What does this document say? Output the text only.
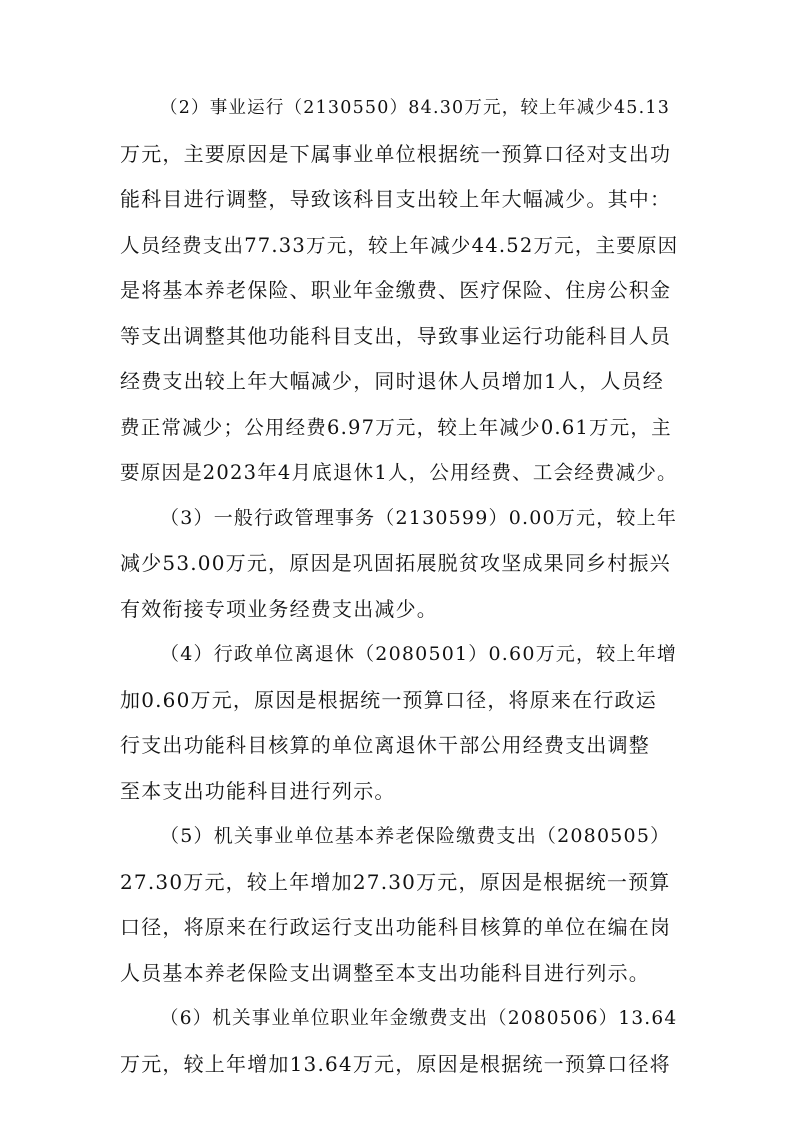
（2）事业运行（2130550）84.30万元，较上年减少45.13
万元，主要原因是下属事业单位根据统一预算口径对支出功
能科目进行调整，导致该科目支出较上年大幅减少。其中：
人员经费支出77.33万元，较上年减少44.52万元，主要原因
是将基本养老保险、职业年金缴费、医疗保险、住房公积金
等支出调整其他功能科目支出，导致事业运行功能科目人员
经费支出较上年大幅减少，同时退休人员增加1人，人员经
费正常减少；公用经费6.97万元，较上年减少0.61万元，主
要原因是2023年4月底退休1人，公用经费、工会经费减少。
（3）一般行政管理事务（2130599）0.00万元，较上年
减少53.00万元，原因是巩固拓展脱贫攻坚成果同乡村振兴
有效衔接专项业务经费支出减少。
（4）行政单位离退休（2080501）0.60万元，较上年增
加0.60万元，原因是根据统一预算口径，将原来在行政运
行支出功能科目核算的单位离退休干部公用经费支出调整
至本支出功能科目进行列示。
（5）机关事业单位基本养老保险缴费支出（2080505）
27.30万元，较上年增加27.30万元，原因是根据统一预算
口径，将原来在行政运行支出功能科目核算的单位在编在岗
人员基本养老保险支出调整至本支出功能科目进行列示。
（6）机关事业单位职业年金缴费支出（2080506）13.64
万元，较上年增加13.64万元，原因是根据统一预算口径将
